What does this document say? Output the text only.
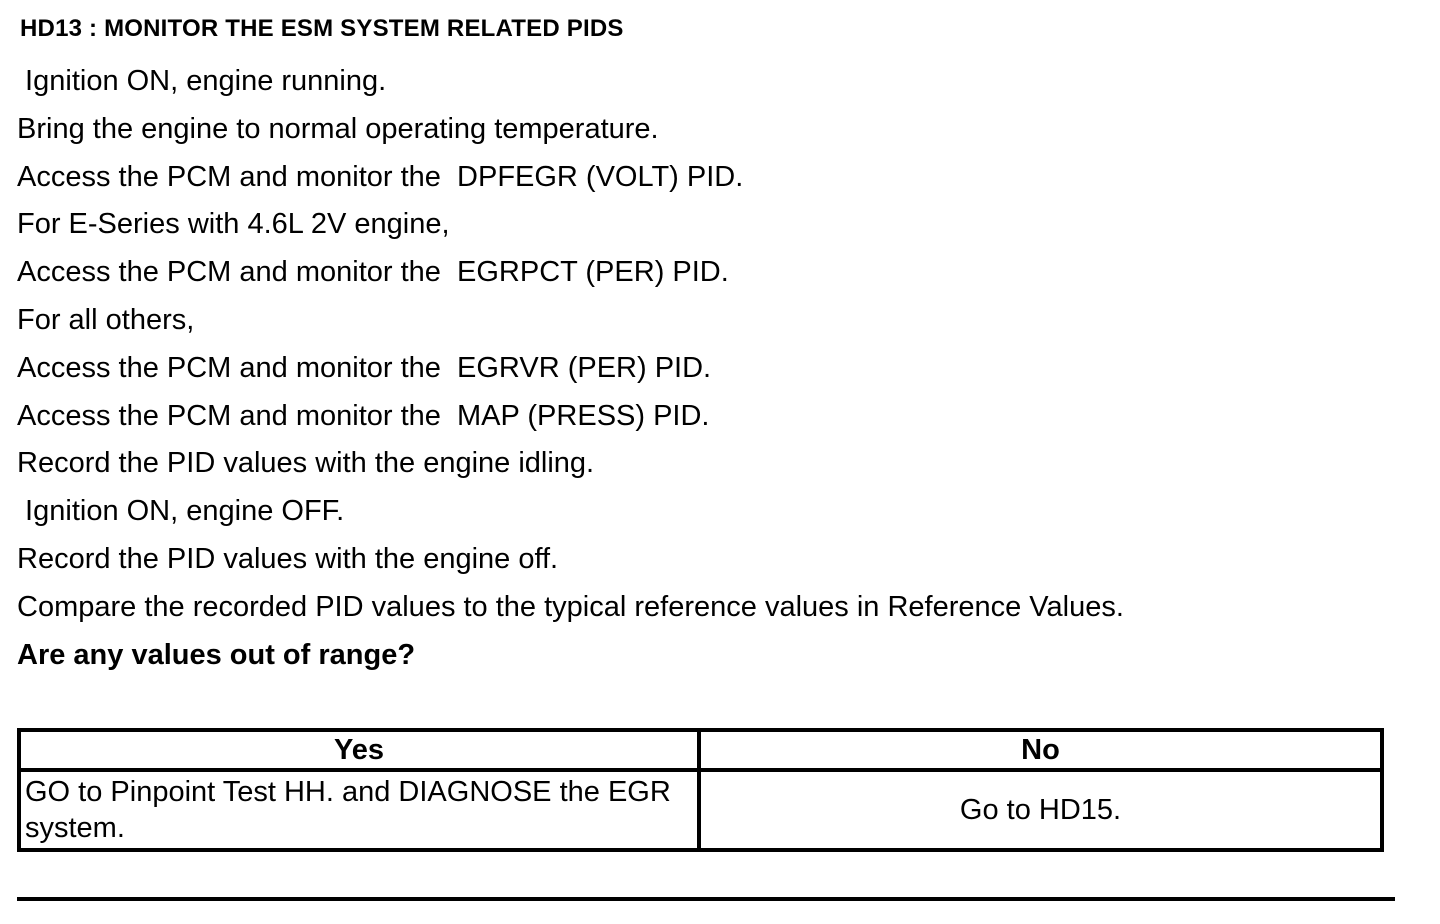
HD13 : MONITOR THE ESM SYSTEM RELATED PIDS
Ignition ON, engine running.
Bring the engine to normal operating temperature.
Access the PCM and monitor the  DPFEGR (VOLT) PID.
For E-Series with 4.6L 2V engine,
Access the PCM and monitor the  EGRPCT (PER) PID.
For all others,
Access the PCM and monitor the  EGRVR (PER) PID.
Access the PCM and monitor the  MAP (PRESS) PID.
Record the PID values with the engine idling.
Ignition ON, engine OFF.
Record the PID values with the engine off.
Compare the recorded PID values to the typical reference values in Reference Values.
Are any values out of range?
Yes	No
GO to Pinpoint Test HH. and DIAGNOSE the EGR system.	Go to HD15.
